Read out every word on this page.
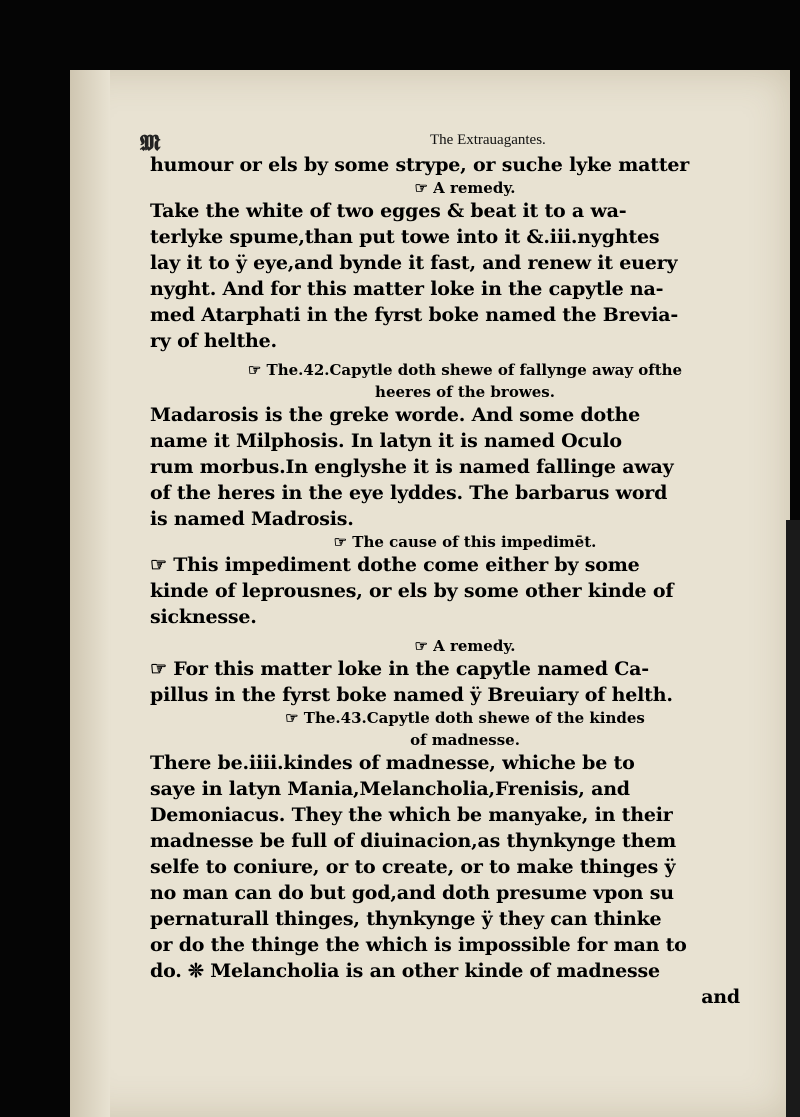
𝕸	The Extrauagantes.
humour or els by some strype, or suche lyke matter
☞ A remedy.
Take the white of two egges & beat it to a wa-
terlyke spume,than put towe into it &.iii.nyghtes
lay it to ÿ eye,and bynde it fast, and renew it euery
nyght. And for this matter loke in the capytle na-
med Atarphati in the fyrst boke named the Brevia-
ry of helthe.
☞ The.42.Capytle doth shewe of fallynge away ofthe
heeres of the browes.
Madarosis is the greke worde. And some dothe
name it Milphosis. In latyn it is named Oculo
rum morbus.In englyshe it is named fallinge away
of the heres in the eye lyddes. The barbarus word
is named Madrosis.
☞ The cause of this impedimēt.
☞ This impediment dothe come either by some
kinde of leprousnes, or els by some other kinde of
sicknesse.
☞ A remedy.
☞ For this matter loke in the capytle named Ca-
pillus in the fyrst boke named ÿ Breuiary of helth.
☞ The.43.Capytle doth shewe of the kindes
of madnesse.
There be.iiii.kindes of madnesse, whiche be to
saye in latyn Mania,Melancholia,Frenisis, and
Demoniacus. They the which be manyake, in their
madnesse be full of diuinacion,as thynkynge them
selfe to coniure, or to create, or to make thinges ÿ
no man can do but god,and doth presume vpon su
pernaturall thinges, thynkynge ÿ they can thinke
or do the thinge the which is impossible for man to
do. ❊ Melancholia is an other kinde of madnesse
and
